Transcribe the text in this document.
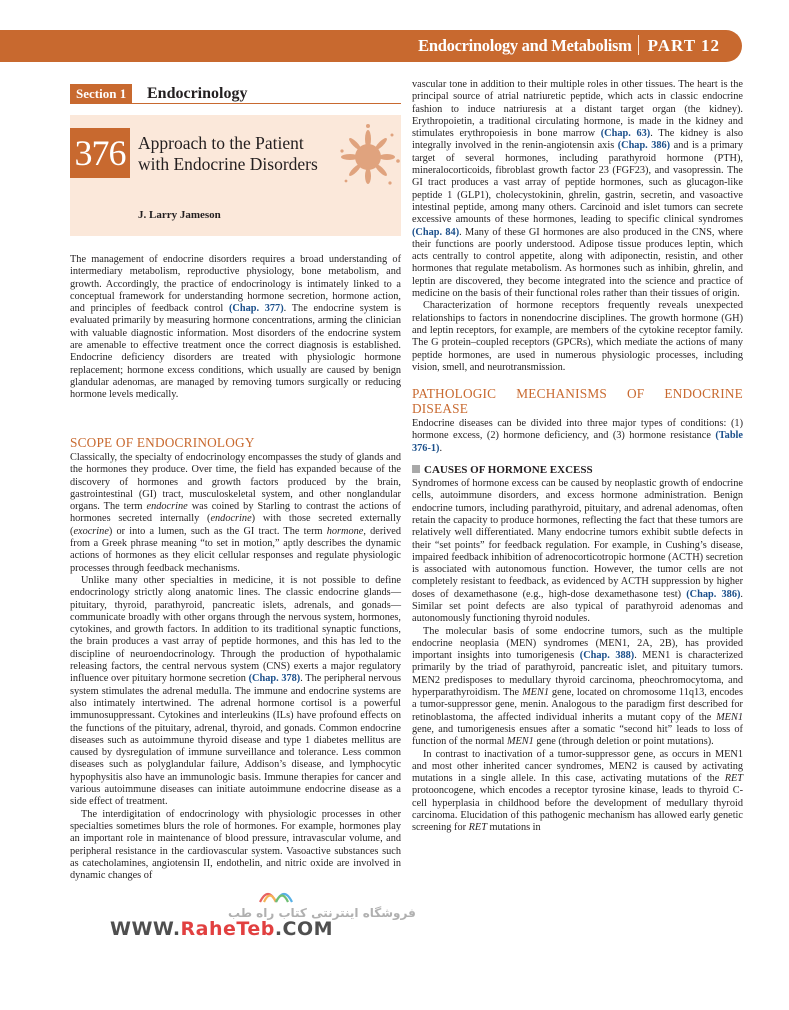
Endocrinology and Metabolism PART 12
Section 1	Endocrinology
376 Approach to the Patient with Endocrine Disorders
J. Larry Jameson

The management of endocrine disorders requires a broad understanding of intermediary metabolism, reproductive physiology, bone metabolism, and growth. Accordingly, the practice of endocrinology is intimately linked to a conceptual framework for understanding hormone secretion, hormone action, and principles of feedback control (Chap. 377). The endocrine system is evaluated primarily by measuring hormone concentrations, arming the clinician with valuable diagnostic information. Most disorders of the endocrine system are amenable to effective treatment once the correct diagnosis is established. Endocrine deficiency disorders are treated with physiologic hormone replacement; hormone excess conditions, which usually are caused by benign glandular adenomas, are managed by removing tumors surgically or reducing hormone levels medically.

SCOPE OF ENDOCRINOLOGY

Classically, the specialty of endocrinology encompasses the study of glands and the hormones they produce. Over time, the field has expanded because of the discovery of hormones and growth factors produced by the brain, gastrointestinal (GI) tract, musculoskeletal system, and other nonglandular organs. The term endocrine was coined by Starling to contrast the actions of hormones secreted internally (endocrine) with those secreted externally (exocrine) or into a lumen, such as the GI tract. The term hormone, derived from a Greek phrase meaning “to set in motion,” aptly describes the dynamic actions of hormones as they elicit cellular responses and regulate physiologic processes through feedback mechanisms.

Unlike many other specialties in medicine, it is not possible to define endocrinology strictly along anatomic lines. The classic endocrine glands—pituitary, thyroid, parathyroid, pancreatic islets, adrenals, and gonads—communicate broadly with other organs through the nervous system, hormones, cytokines, and growth factors. In addition to its traditional synaptic functions, the brain produces a vast array of peptide hormones, and this has led to the discipline of neuroendocrinology. Through the production of hypothalamic releasing factors, the central nervous system (CNS) exerts a major regulatory influence over pituitary hormone secretion (Chap. 378). The peripheral nervous system stimulates the adrenal medulla. The immune and endocrine systems are also intimately intertwined. The adrenal hormone cortisol is a powerful immunosuppressant. Cytokines and interleukins (ILs) have profound effects on the functions of the pituitary, adrenal, thyroid, and gonads. Common endocrine diseases such as autoimmune thyroid disease and type 1 diabetes mellitus are caused by dysregulation of immune surveillance and tolerance. Less common diseases such as polyglandular failure, Addison’s disease, and lymphocytic hypophysitis also have an immunologic basis. Immune therapies for cancer and various autoimmune diseases can initiate autoimmune endocrine disease as a side effect of treatment.

The interdigitation of endocrinology with physiologic processes in other specialties sometimes blurs the role of hormones. For example, hormones play an important role in maintenance of blood pressure, intravascular volume, and peripheral resistance in the cardiovascular system. Vasoactive substances such as catecholamines, angiotensin II, endothelin, and nitric oxide are involved in dynamic changes of

vascular tone in addition to their multiple roles in other tissues. The heart is the principal source of atrial natriuretic peptide, which acts in classic endocrine fashion to induce natriuresis at a distant target organ (the kidney). Erythropoietin, a traditional circulating hormone, is made in the kidney and stimulates erythropoiesis in bone marrow (Chap. 63). The kidney is also integrally involved in the renin-angiotensin axis (Chap. 386) and is a primary target of several hormones, including parathyroid hormone (PTH), mineralocorticoids, fibroblast growth factor 23 (FGF23), and vasopressin. The GI tract produces a vast array of peptide hormones, such as glucagon-like peptide 1 (GLP1), cholecystokinin, ghrelin, gastrin, secretin, and vasoactive intestinal peptide, among many others. Carcinoid and islet tumors can secrete excessive amounts of these hormones, leading to specific clinical syndromes (Chap. 84). Many of these GI hormones are also produced in the CNS, where their functions are poorly understood. Adipose tissue produces leptin, which acts centrally to control appetite, along with adiponectin, resistin, and other hormones that regulate metabolism. As hormones such as inhibin, ghrelin, and leptin are discovered, they become integrated into the science and practice of medicine on the basis of their functional roles rather than their tissues of origin.

Characterization of hormone receptors frequently reveals unexpected relationships to factors in nonendocrine disciplines. The growth hormone (GH) and leptin receptors, for example, are members of the cytokine receptor family. The G protein–coupled receptors (GPCRs), which mediate the actions of many peptide hormones, are used in numerous physiologic processes, including vision, smell, and neurotransmission.

PATHOLOGIC MECHANISMS OF ENDOCRINE DISEASE

Endocrine diseases can be divided into three major types of conditions: (1) hormone excess, (2) hormone deficiency, and (3) hormone resistance (Table 376-1).

CAUSES OF HORMONE EXCESS

Syndromes of hormone excess can be caused by neoplastic growth of endocrine cells, autoimmune disorders, and excess hormone administration. Benign endocrine tumors, including parathyroid, pituitary, and adrenal adenomas, often retain the capacity to produce hormones, reflecting the fact that these tumors are relatively well differentiated. Many endocrine tumors exhibit subtle defects in their “set points” for feedback regulation. For example, in Cushing’s disease, impaired feedback inhibition of adrenocorticotropic hormone (ACTH) secretion is associated with autonomous function. However, the tumor cells are not completely resistant to feedback, as evidenced by ACTH suppression by higher doses of dexamethasone (e.g., high-dose dexamethasone test) (Chap. 386). Similar set point defects are also typical of parathyroid adenomas and autonomously functioning thyroid nodules.

The molecular basis of some endocrine tumors, such as the multiple endocrine neoplasia (MEN) syndromes (MEN1, 2A, 2B), has provided important insights into tumorigenesis (Chap. 388). MEN1 is characterized primarily by the triad of parathyroid, pancreatic islet, and pituitary tumors. MEN2 predisposes to medullary thyroid carcinoma, pheochromocytoma, and hyperparathyroidism. The MEN1 gene, located on chromosome 11q13, encodes a tumor-suppressor gene, menin. Analogous to the paradigm first described for retinoblastoma, the affected individual inherits a mutant copy of the MEN1 gene, and tumorigenesis ensues after a somatic “second hit” leads to loss of function of the normal MEN1 gene (through deletion or point mutations).

In contrast to inactivation of a tumor-suppressor gene, as occurs in MEN1 and most other inherited cancer syndromes, MEN2 is caused by activating mutations in a single allele. In this case, activating mutations of the RET protooncogene, which encodes a receptor tyrosine kinase, leads to thyroid C-cell hyperplasia in childhood before the development of medullary thyroid carcinoma. Elucidation of this pathogenic mechanism has allowed early genetic screening for RET mutations in

فروشگاه اینترنتی کتاب راه طب
WWW.RaheTeb.COM
